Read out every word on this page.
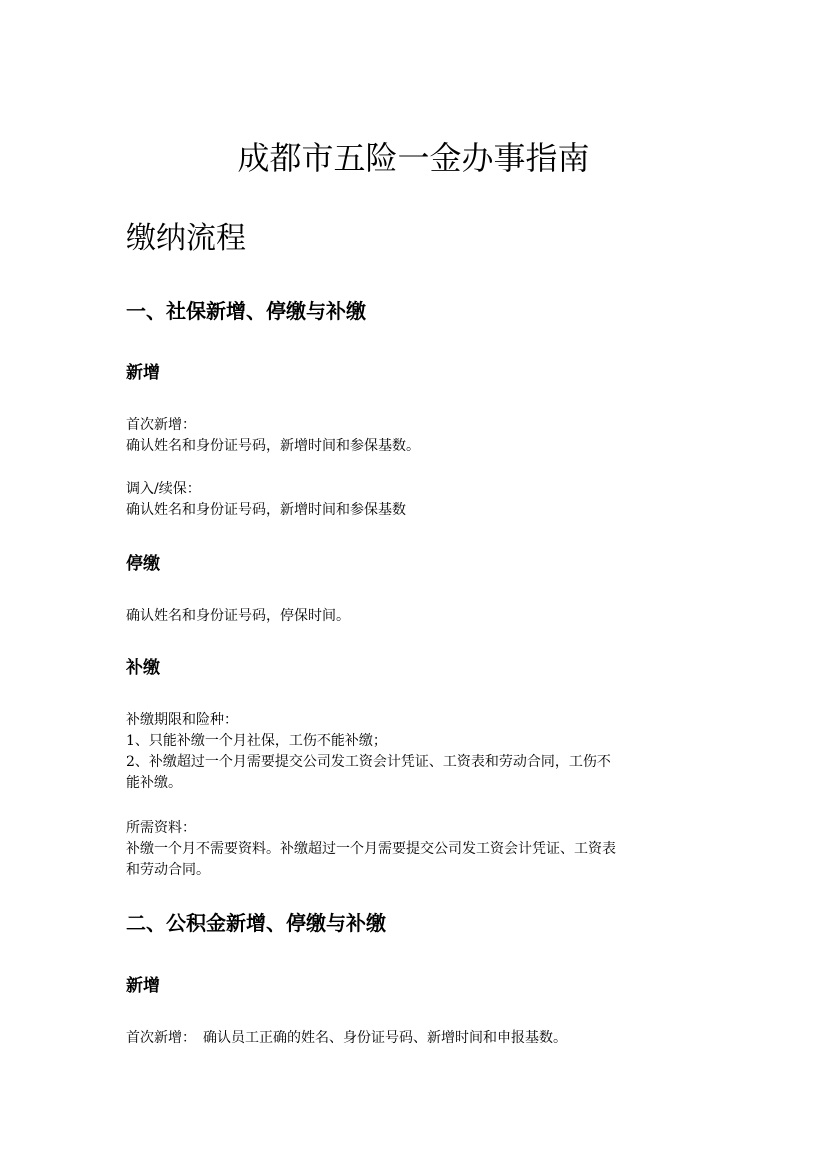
成都市五险一金办事指南
缴纳流程
一、社保新增、停缴与补缴
新增

首次新增：
确认姓名和身份证号码，新增时间和参保基数。

调入/续保：
确认姓名和身份证号码，新增时间和参保基数

停缴

确认姓名和身份证号码，停保时间。

补缴

补缴期限和险种：
1、只能补缴一个月社保，工伤不能补缴；
2、补缴超过一个月需要提交公司发工资会计凭证、工资表和劳动合同，工伤不
能补缴。

所需资料：
补缴一个月不需要资料。补缴超过一个月需要提交公司发工资会计凭证、工资表
和劳动合同。

二、公积金新增、停缴与补缴
新增

首次新增：　确认员工正确的姓名、身份证号码、新增时间和申报基数。
